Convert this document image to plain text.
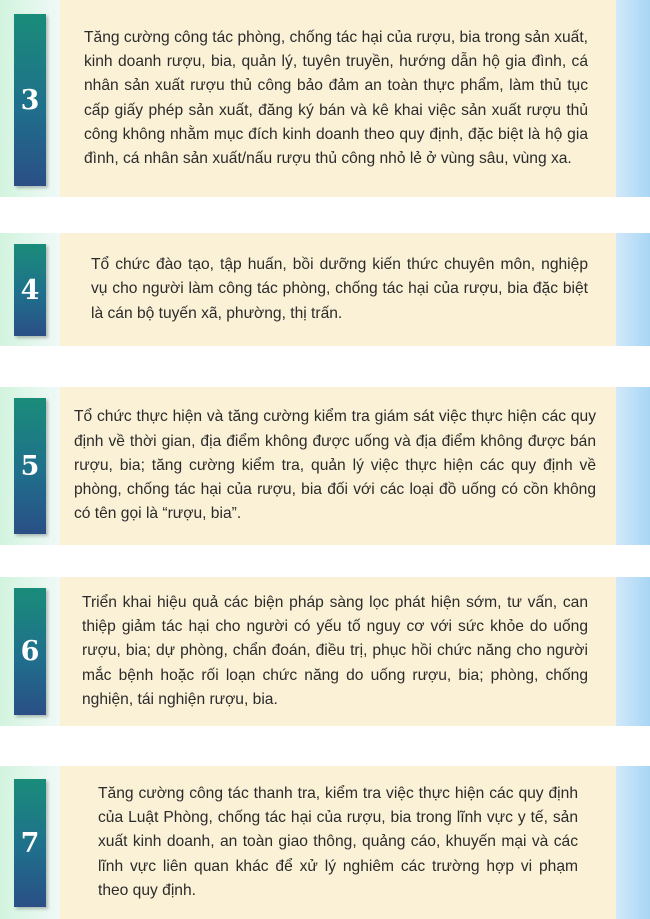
3

Tăng cường công tác phòng, chống tác hại của rượu, bia trong sản xuất, kinh doanh rượu, bia, quản lý, tuyên truyền, hướng dẫn hộ gia đình, cá nhân sản xuất rượu thủ công bảo đảm an toàn thực phẩm, làm thủ tục cấp giấy phép sản xuất, đăng ký bán và kê khai việc sản xuất rượu thủ công không nhằm mục đích kinh doanh theo quy định, đặc biệt là hộ gia đình, cá nhân sản xuất/nấu rượu thủ công nhỏ lẻ ở vùng sâu, vùng xa.

4

Tổ chức đào tạo, tập huấn, bồi dưỡng kiến thức chuyên môn, nghiệp vụ cho người làm công tác phòng, chống tác hại của rượu, bia đặc biệt là cán bộ tuyến xã, phường, thị trấn.

5

Tổ chức thực hiện và tăng cường kiểm tra giám sát việc thực hiện các quy định về thời gian, địa điểm không được uống và địa điểm không được bán rượu, bia; tăng cường kiểm tra, quản lý việc thực hiện các quy định về phòng, chống tác hại của rượu, bia đối với các loại đồ uống có cồn không có tên gọi là “rượu, bia”.

6

Triển khai hiệu quả các biện pháp sàng lọc phát hiện sớm, tư vấn, can thiệp giảm tác hại cho người có yếu tố nguy cơ với sức khỏe do uống rượu, bia; dự phòng, chẩn đoán, điều trị, phục hồi chức năng cho người mắc bệnh hoặc rối loạn chức năng do uống rượu, bia; phòng, chống nghiện, tái nghiện rượu, bia.

7

Tăng cường công tác thanh tra, kiểm tra việc thực hiện các quy định của Luật Phòng, chống tác hại của rượu, bia trong lĩnh vực y tế, sản xuất kinh doanh, an toàn giao thông, quảng cáo, khuyến mại và các lĩnh vực liên quan khác để xử lý nghiêm các trường hợp vi phạm theo quy định.
